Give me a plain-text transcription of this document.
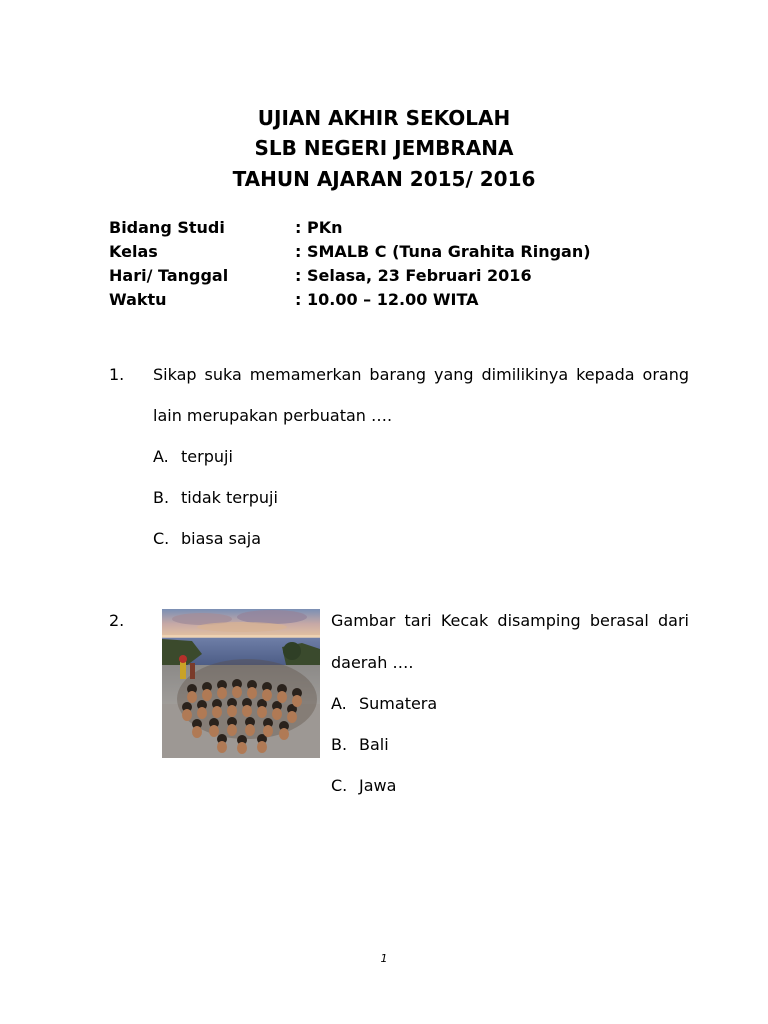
UJIAN AKHIR SEKOLAH
SLB NEGERI JEMBRANA
TAHUN AJARAN 2015/ 2016
Bidang Studi	: PKn
Kelas	: SMALB C (Tuna Grahita Ringan)
Hari/ Tanggal	: Selasa, 23 Februari 2016
Waktu	: 10.00 – 12.00 WITA
1. Sikap suka memamerkan barang yang dimilikinya kepada orang
lain merupakan perbuatan ….
A. terpuji
B. tidak terpuji
C. biasa saja
2.	Gambar tari Kecak disamping berasal dari
daerah ….
A. Sumatera
B. Bali
C. Jawa
1
